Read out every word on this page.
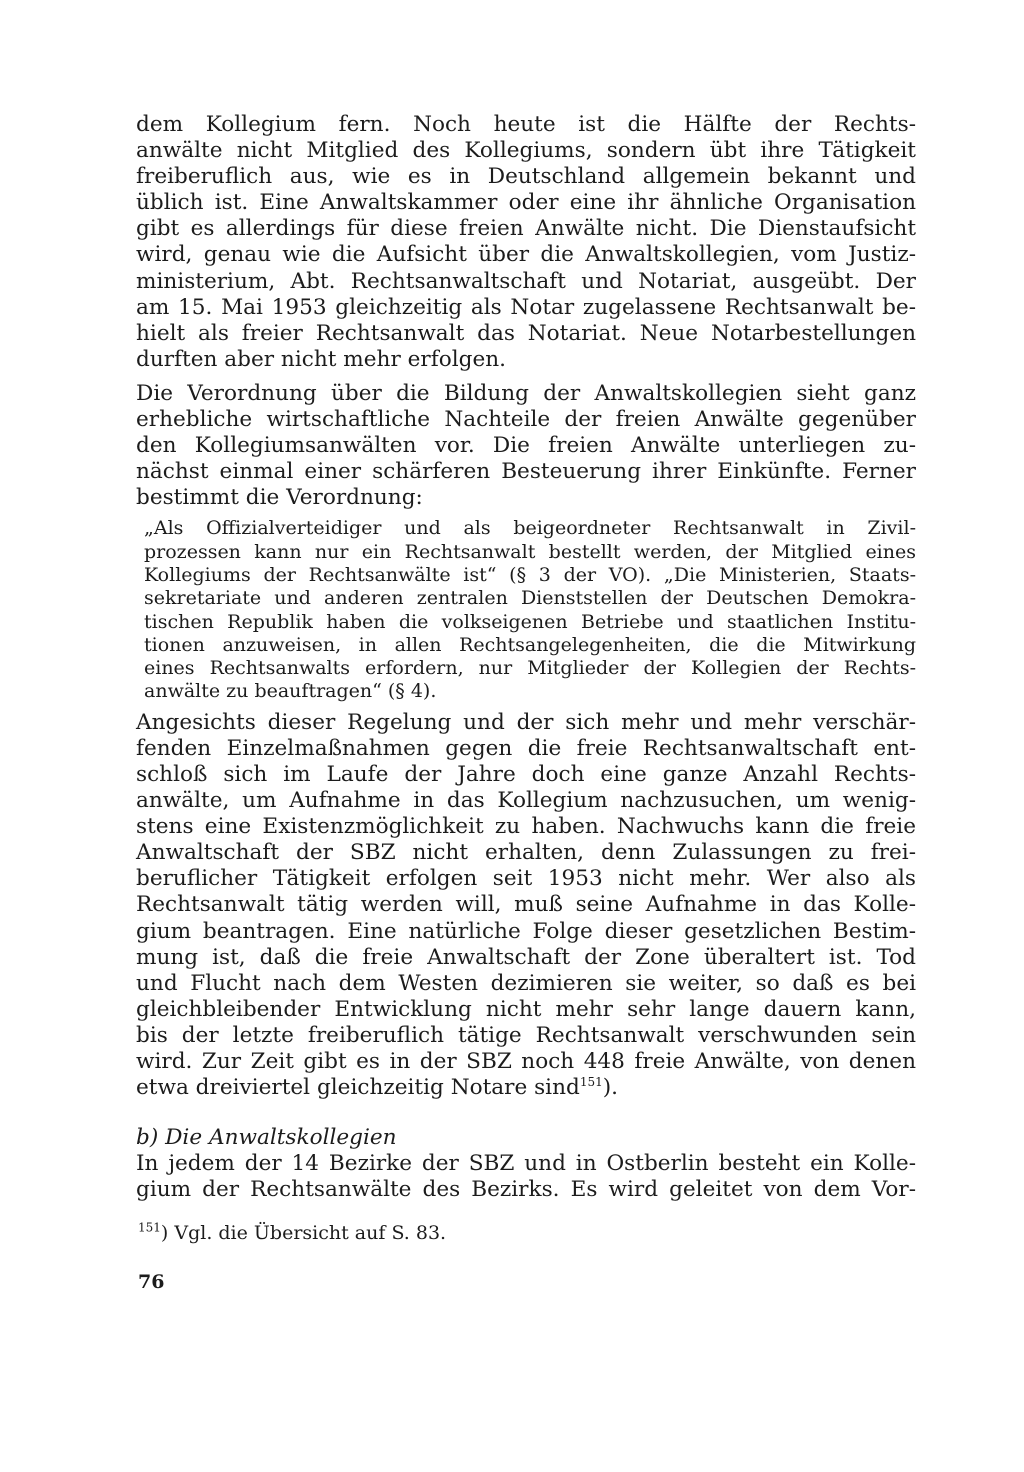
dem Kollegium fern. Noch heute ist die Hälfte der Rechts-
anwälte nicht Mitglied des Kollegiums, sondern übt ihre Tätigkeit
freiberuflich aus, wie es in Deutschland allgemein bekannt und
üblich ist. Eine Anwaltskammer oder eine ihr ähnliche Organisation
gibt es allerdings für diese freien Anwälte nicht. Die Dienstaufsicht
wird, genau wie die Aufsicht über die Anwaltskollegien, vom Justiz-
ministerium, Abt. Rechtsanwaltschaft und Notariat, ausgeübt. Der
am 15. Mai 1953 gleichzeitig als Notar zugelassene Rechtsanwalt be-
hielt als freier Rechtsanwalt das Notariat. Neue Notarbestellungen
durften aber nicht mehr erfolgen.

Die Verordnung über die Bildung der Anwaltskollegien sieht ganz
erhebliche wirtschaftliche Nachteile der freien Anwälte gegenüber
den Kollegiumsanwälten vor. Die freien Anwälte unterliegen zu-
nächst einmal einer schärferen Besteuerung ihrer Einkünfte. Ferner
bestimmt die Verordnung:

„Als Offizialverteidiger und als beigeordneter Rechtsanwalt in Zivil-
prozessen kann nur ein Rechtsanwalt bestellt werden, der Mitglied eines
Kollegiums der Rechtsanwälte ist“ (§ 3 der VO). „Die Ministerien, Staats-
sekretariate und anderen zentralen Dienststellen der Deutschen Demokra-
tischen Republik haben die volkseigenen Betriebe und staatlichen Institu-
tionen anzuweisen, in allen Rechtsangelegenheiten, die die Mitwirkung
eines Rechtsanwalts erfordern, nur Mitglieder der Kollegien der Rechts-
anwälte zu beauftragen“ (§ 4).

Angesichts dieser Regelung und der sich mehr und mehr verschär-
fenden Einzelmaßnahmen gegen die freie Rechtsanwaltschaft ent-
schloß sich im Laufe der Jahre doch eine ganze Anzahl Rechts-
anwälte, um Aufnahme in das Kollegium nachzusuchen, um wenig-
stens eine Existenzmöglichkeit zu haben. Nachwuchs kann die freie
Anwaltschaft der SBZ nicht erhalten, denn Zulassungen zu frei-
beruflicher Tätigkeit erfolgen seit 1953 nicht mehr. Wer also als
Rechtsanwalt tätig werden will, muß seine Aufnahme in das Kolle-
gium beantragen. Eine natürliche Folge dieser gesetzlichen Bestim-
mung ist, daß die freie Anwaltschaft der Zone überaltert ist. Tod
und Flucht nach dem Westen dezimieren sie weiter, so daß es bei
gleichbleibender Entwicklung nicht mehr sehr lange dauern kann,
bis der letzte freiberuflich tätige Rechtsanwalt verschwunden sein
wird. Zur Zeit gibt es in der SBZ noch 448 freie Anwälte, von denen
etwa dreiviertel gleichzeitig Notare sind$^{151}$).

b) Die Anwaltskollegien

In jedem der 14 Bezirke der SBZ und in Ostberlin besteht ein Kolle-
gium der Rechtsanwälte des Bezirks. Es wird geleitet von dem Vor-

$^{151}$) Vgl. die Übersicht auf S. 83.
76
